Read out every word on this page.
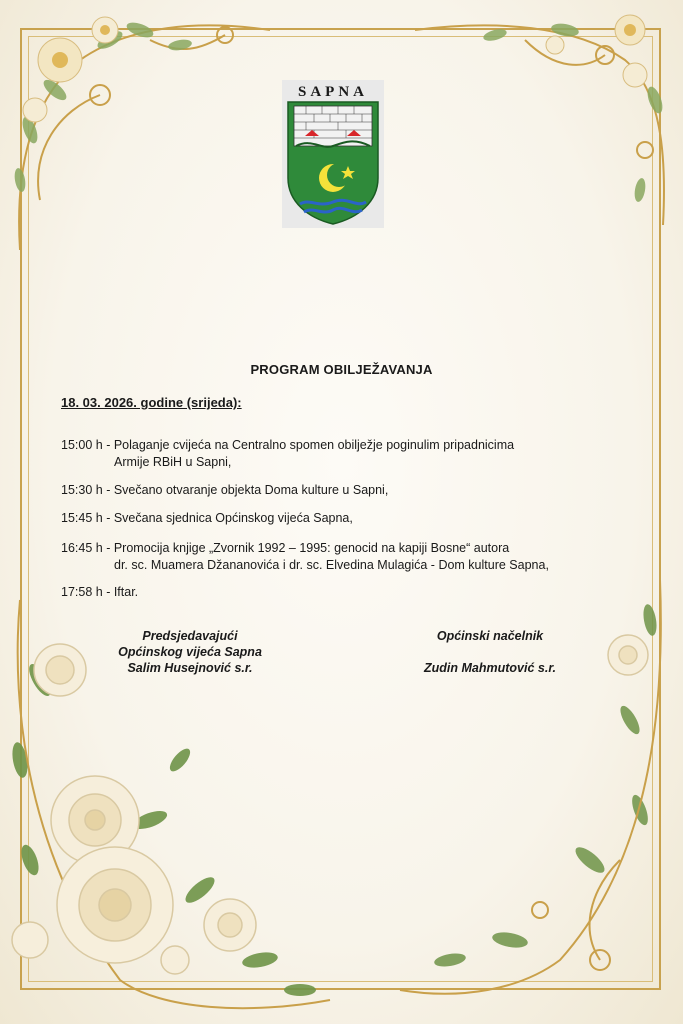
SAPNA
PROGRAM OBILJEŽAVANJA
18. 03. 2026. godine (srijeda):
15:00 h - Polaganje cvijeća na Centralno spomen obilježje poginulim pripadnicima
Armije RBiH u Sapni,
15:30 h - Svečano otvaranje objekta Doma kulture u Sapni,
15:45 h - Svečana sjednica Općinskog vijeća Sapna,
16:45 h - Promocija knjige „Zvornik 1992 – 1995: genocid na kapiji Bosne“ autora
dr. sc. Muamera Džananovića i dr. sc. Elvedina Mulagića - Dom kulture Sapna,
17:58 h - Iftar.
Predsjedavajući
Općinskog vijeća Sapna
Salim Husejnović s.r.
Općinski načelnik
Zudin Mahmutović s.r.
